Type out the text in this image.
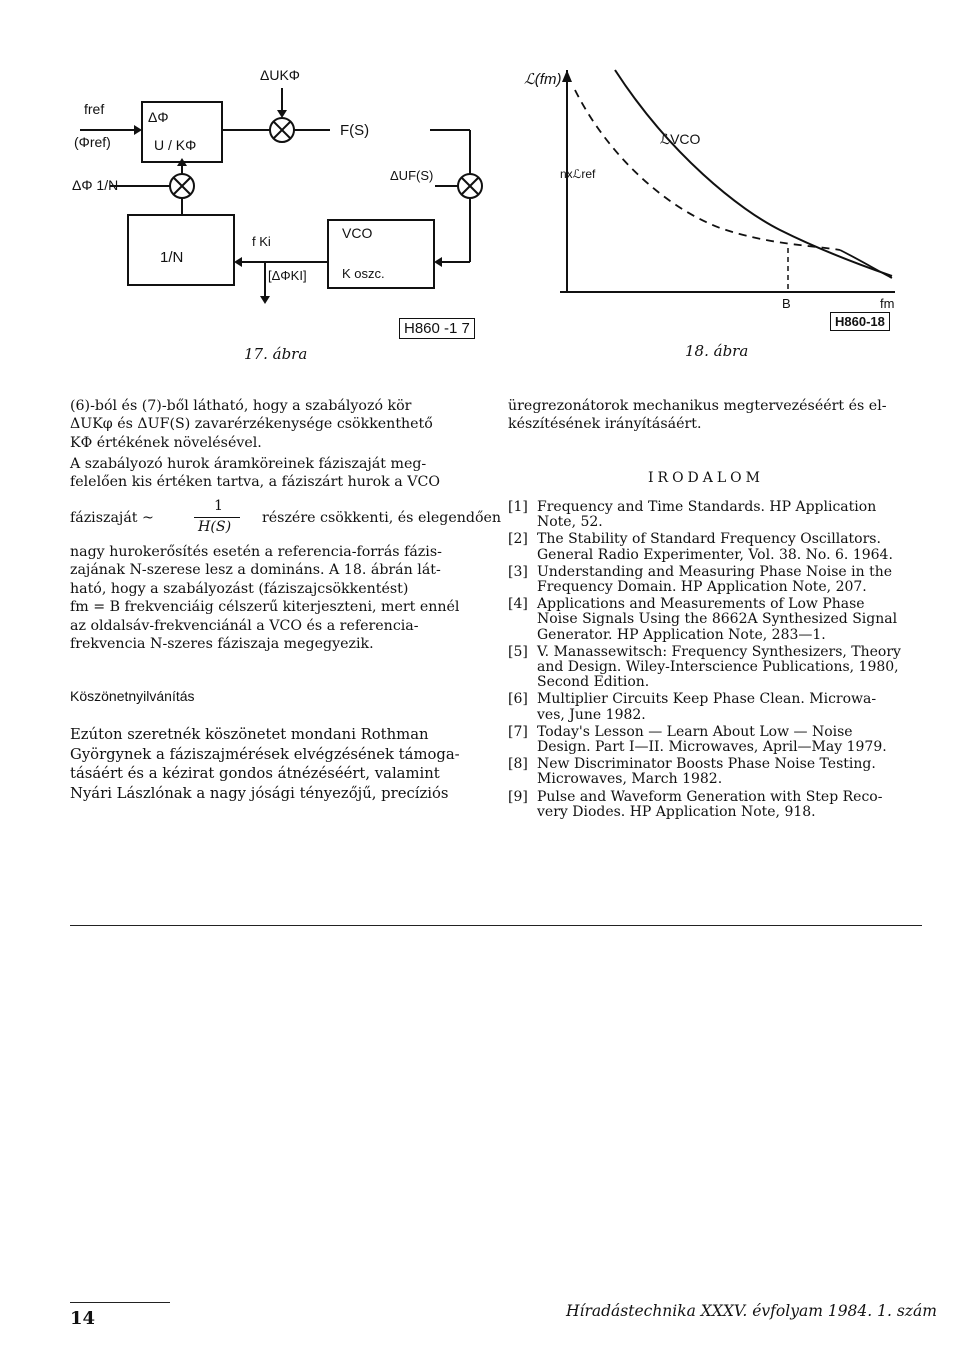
fref
(Φref)
ΔΦ
U / KΦ
ΔUKΦ
F(S)
ΔUF(S)
ΔΦ 1/N
1/N
f Ki
[ΔΦKI]
VCO
K oszc.
H860 -1 7
17. ábra
ℒ(fm)
fm
B
ℒVCO
nxℒref
H860-18
18. ábra
(6)-ból és (7)-ből látható, hogy a szabályozó kör
ΔUKφ és ΔUF(S) zavarérzékenysége csökkenthető
KΦ értékének növelésével.
A szabályozó hurok áramköreinek fáziszaját meg-
felelően kis értéken tartva, a fáziszárt hurok a VCO
fáziszaját ~
1
H(S)
részére csökkenti, és elegendően
nagy hurokerősítés esetén a referencia-forrás fázis-
zajának N-szerese lesz a domináns. A 18. ábrán lát-
ható, hogy a szabályozást (fáziszajcsökkentést)
fm = B frekvenciáig célszerű kiterjeszteni, mert ennél
az oldalsáv-frekvenciánál a VCO és a referencia-
frekvencia N-szeres fáziszaja megegyezik.
Köszönetnyilvánítás
Ezúton szeretnék köszönetet mondani Rothman
Györgynek a fáziszajmérések elvégzésének támoga-
tásáért és a kézirat gondos átnézéséért, valamint
Nyári Lászlónak a nagy jósági tényezőjű, precíziós
üregrezonátorok mechanikus megtervezéséért és el-
készítésének irányításáért.
IRODALOM
[1] Frequency and Time Standards. HP Application
Note, 52.
[2] The Stability of Standard Frequency Oscillators.
General Radio Experimenter, Vol. 38. No. 6. 1964.
[3] Understanding and Measuring Phase Noise in the
Frequency Domain. HP Application Note, 207.
[4] Applications and Measurements of Low Phase
Noise Signals Using the 8662A Synthesized Signal
Generator. HP Application Note, 283—1.
[5] V. Manassewitsch: Frequency Synthesizers, Theory
and Design. Wiley-Interscience Publications, 1980,
Second Edition.
[6] Multiplier Circuits Keep Phase Clean. Microwa-
ves, June 1982.
[7] Today's Lesson — Learn About Low — Noise
Design. Part I—II. Microwaves, April—May 1979.
[8] New Discriminator Boosts Phase Noise Testing.
Microwaves, March 1982.
[9] Pulse and Waveform Generation with Step Reco-
very Diodes. HP Application Note, 918.
14	Híradástechnika XXXV. évfolyam 1984. 1. szám
